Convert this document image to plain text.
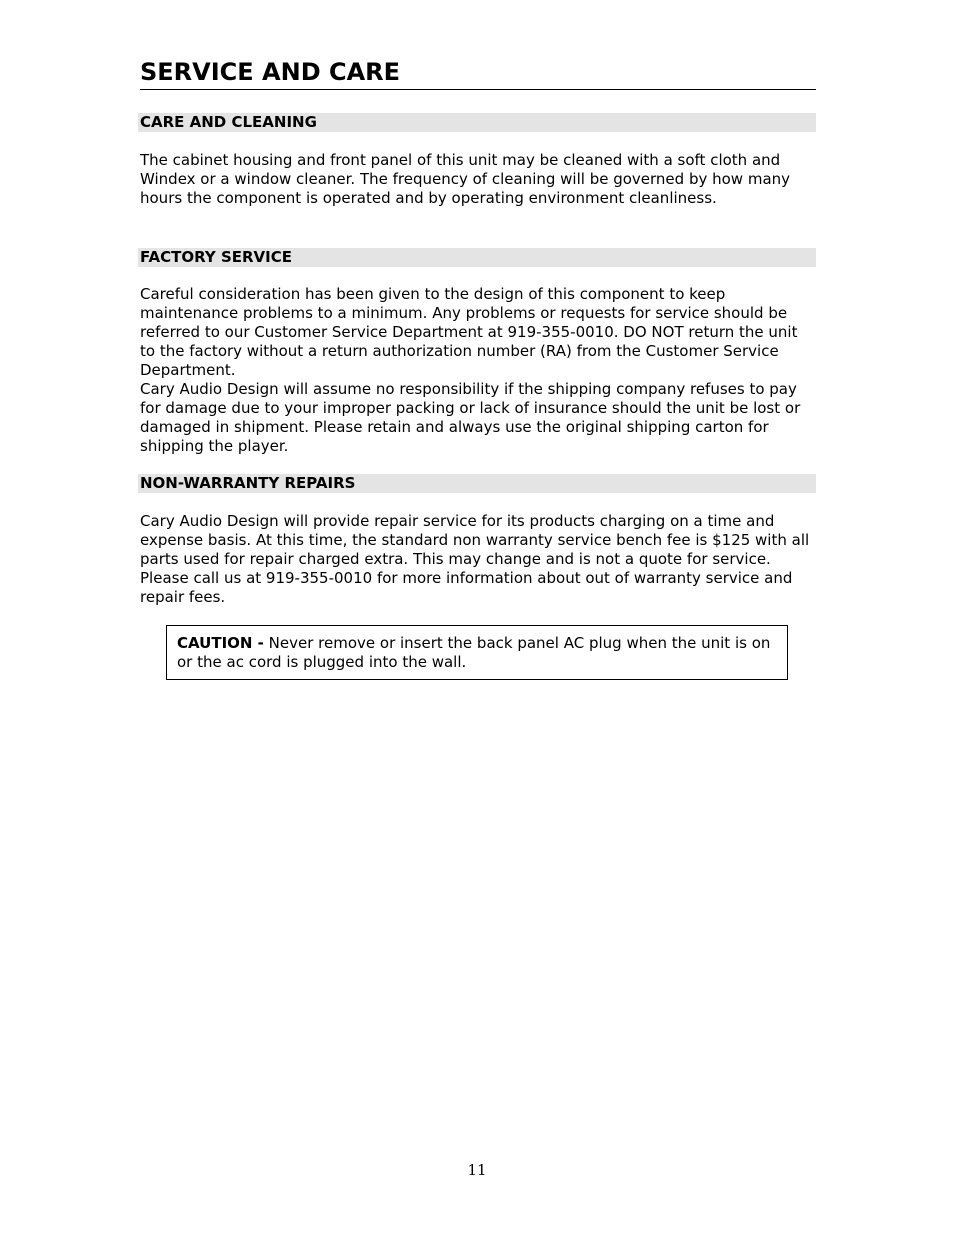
SERVICE AND CARE
CARE AND CLEANING

The cabinet housing and front panel of this unit may be cleaned with a soft cloth and Windex or a window cleaner. The frequency of cleaning will be governed by how many hours the component is operated and by operating environment cleanliness.

FACTORY SERVICE

Careful consideration has been given to the design of this component to keep maintenance problems to a minimum. Any problems or requests for service should be referred to our Customer Service Department at 919-355-0010. DO NOT return the unit to the factory without a return authorization number (RA) from the Customer Service Department.

Cary Audio Design will assume no responsibility if the shipping company refuses to pay for damage due to your improper packing or lack of insurance should the unit be lost or damaged in shipment. Please retain and always use the original shipping carton for shipping the player.

NON-WARRANTY REPAIRS

Cary Audio Design will provide repair service for its products charging on a time and expense basis. At this time, the standard non warranty service bench fee is $125 with all parts used for repair charged extra. This may change and is not a quote for service. Please call us at 919-355-0010 for more information about out of warranty service and repair fees.

CAUTION - Never remove or insert the back panel AC plug when the unit is on or the ac cord is plugged into the wall.
11
